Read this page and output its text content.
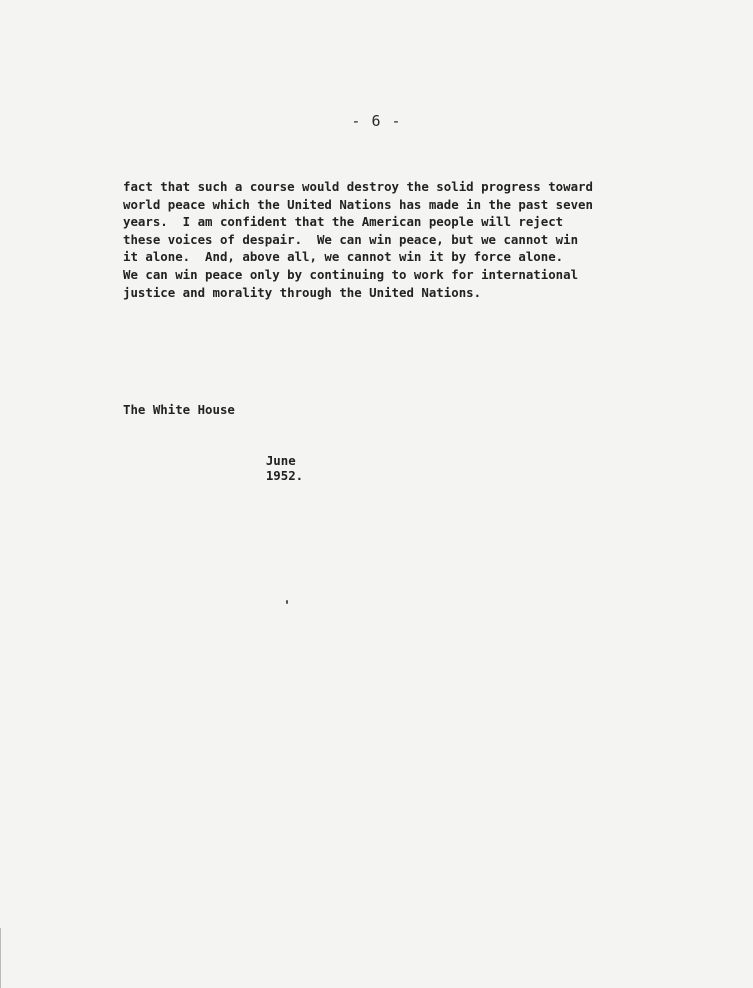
- 6 -

fact that such a course would destroy the solid progress toward
world peace which the United Nations has made in the past seven
years.  I am confident that the American people will reject
these voices of despair.  We can win peace, but we cannot win
it alone.  And, above all, we cannot win it by force alone.
We can win peace only by continuing to work for international
justice and morality through the United Nations.

The White House

June
1952.
